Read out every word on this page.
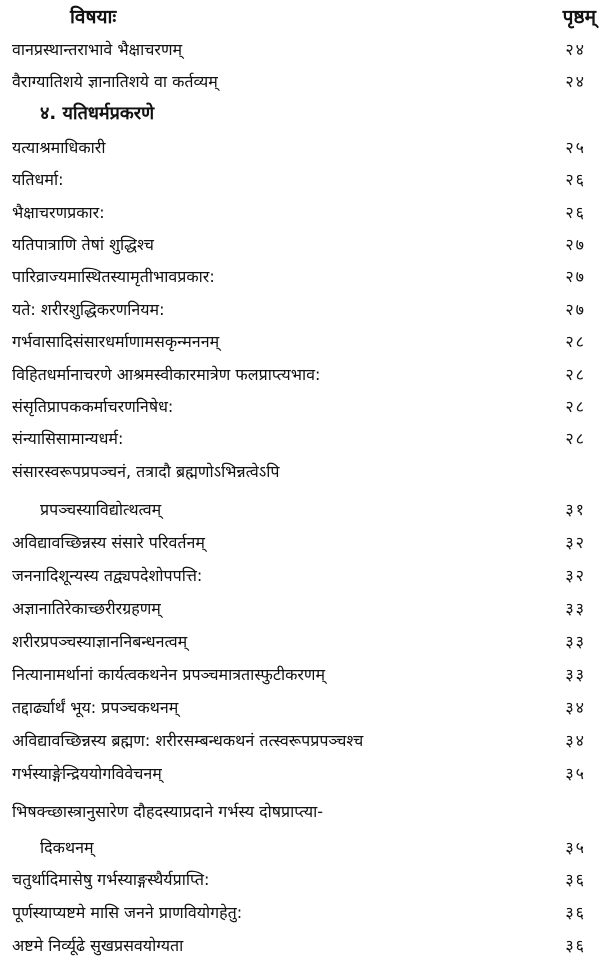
विषयाः	पृष्ठम्
वानप्रस्थान्तराभावे भैक्षाचरणम्	२४
वैराग्यातिशये ज्ञानातिशये वा कर्तव्यम्	२४
४. यतिधर्मप्रकरणे
यत्याश्रमाधिकारी	२५
यतिधर्मा:	२६
भैक्षाचरणप्रकार:	२६
यतिपात्राणि तेषां शुद्धिश्च	२७
पारिव्राज्यमास्थितस्यामृतीभावप्रकार:	२७
यते: शरीरशुद्धिकरणनियम:	२७
गर्भवासादिसंसारधर्माणामसकृन्मननम्	२८
विहितधर्मानाचरणे आश्रमस्वीकारमात्रेण फलप्राप्त्यभाव:	२८
संसृतिप्रापककर्माचरणनिषेध:	२८
संन्यासिसामान्यधर्म:	२८
संसारस्वरूपप्रपञ्चनं, तत्रादौ ब्रह्मणोऽभिन्नत्वेऽपि
प्रपञ्चस्याविद्योत्थत्वम्	३१
अविद्यावच्छिन्नस्य संसारे परिवर्तनम्	३२
जननादिशून्यस्य तद्व्यपदेशोपपत्ति:	३२
अज्ञानातिरेकाच्छरीरग्रहणम्	३३
शरीरप्रपञ्चस्याज्ञाननिबन्धनत्वम्	३३
नित्यानामर्थानां कार्यत्वकथनेन प्रपञ्चमात्रतास्फुटीकरणम्	३३
तद्दार्ढ्यार्थं भूय: प्रपञ्चकथनम्	३४
अविद्यावच्छिन्नस्य ब्रह्मण: शरीरसम्बन्धकथनं तत्स्वरूपप्रपञ्चश्च	३४
गर्भस्याङ्गेन्द्रिययोगविवेचनम्	३५
भिषक्च्छास्त्रानुसारेण दौहदस्याप्रदाने गर्भस्य दोषप्राप्त्या-
दिकथनम्	३५
चतुर्थादिमासेषु गर्भस्याङ्गस्थैर्यप्राप्ति:	३६
पूर्णस्याप्यष्टमे मासि जनने प्राणवियोगहेतु:	३६
अष्टमे निर्व्यूढे सुखप्रसवयोग्यता	३६
